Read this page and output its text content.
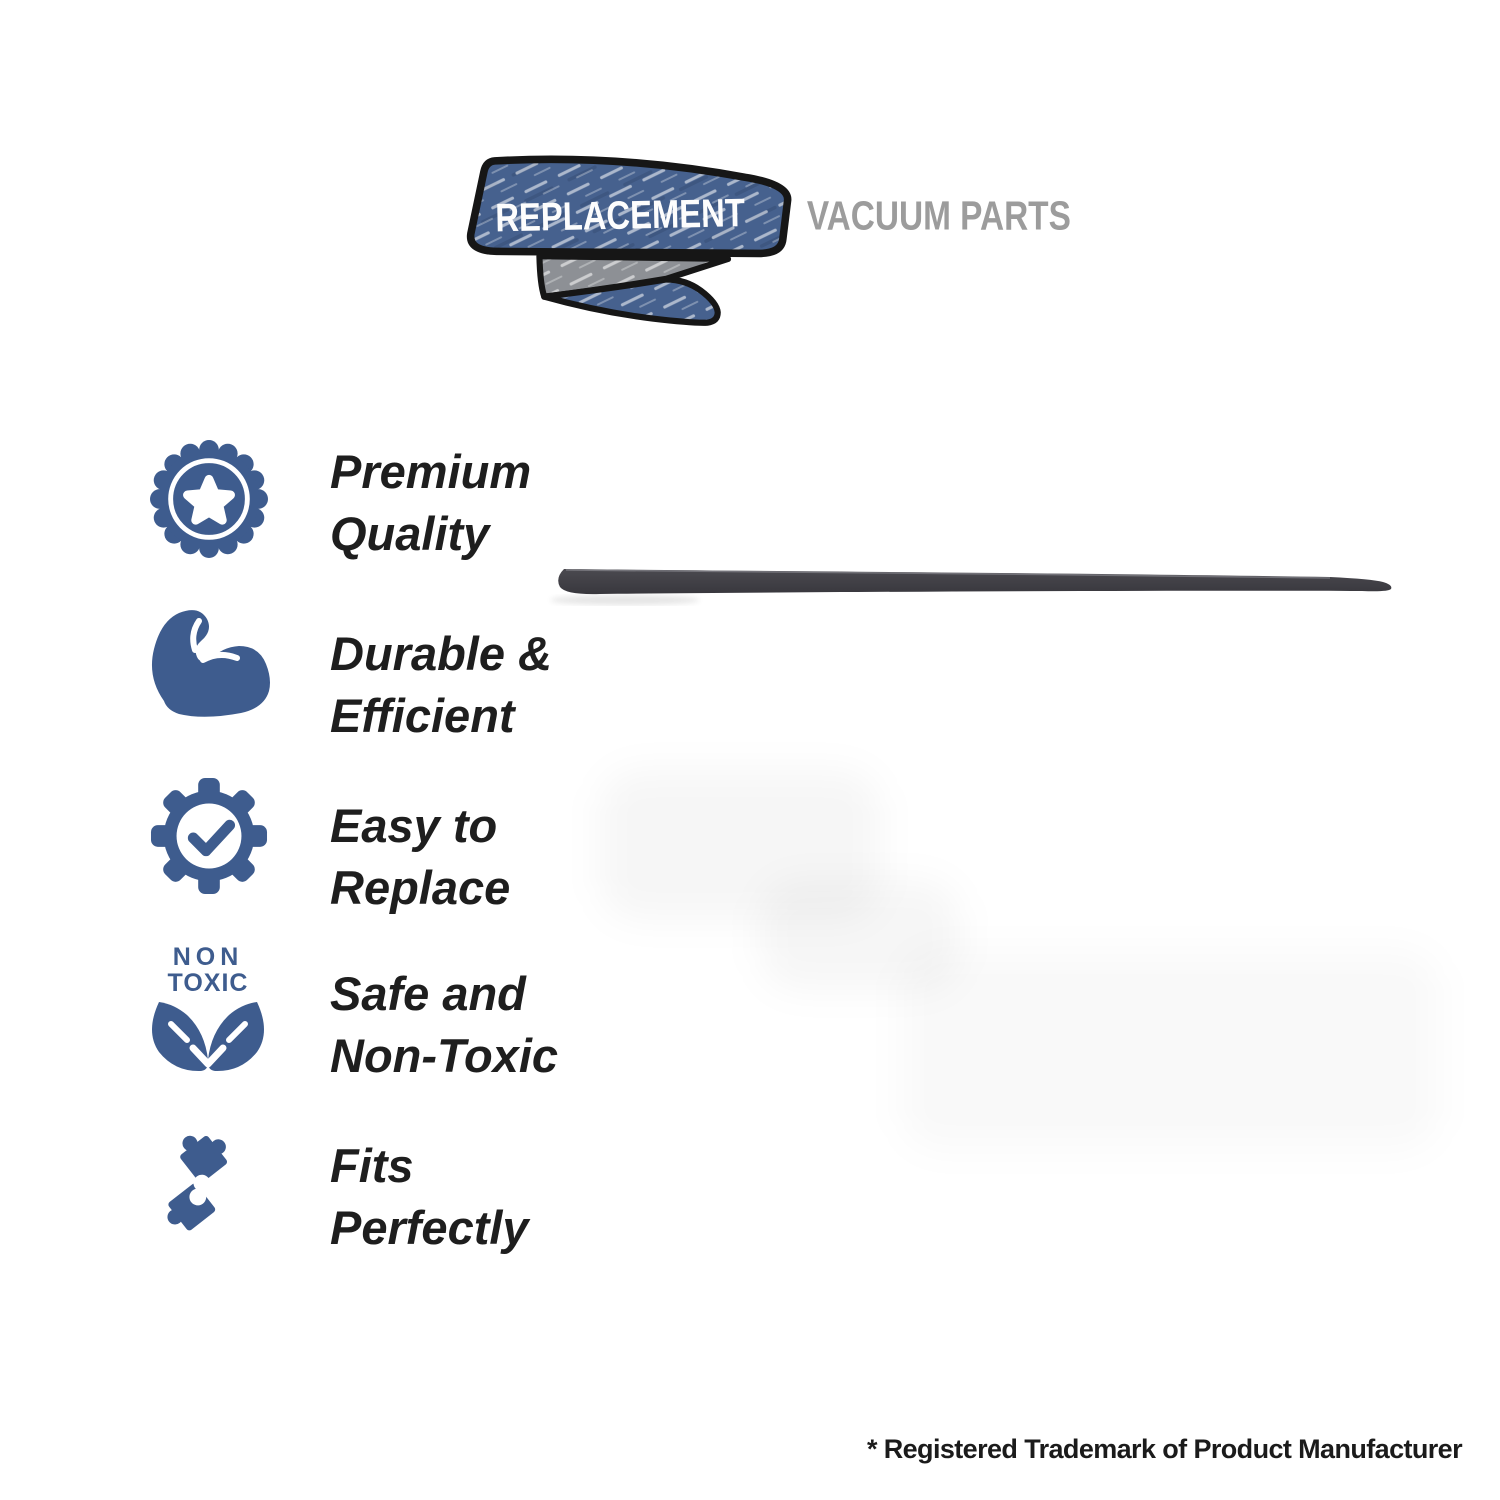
REPLACEMENT VACUUM PARTS
Premium
Quality
Durable &
Efficient
Easy to
Replace
NON
TOXIC	Safe and
Non-Toxic
Fits
Perfectly
* Registered Trademark of Product Manufacturer
